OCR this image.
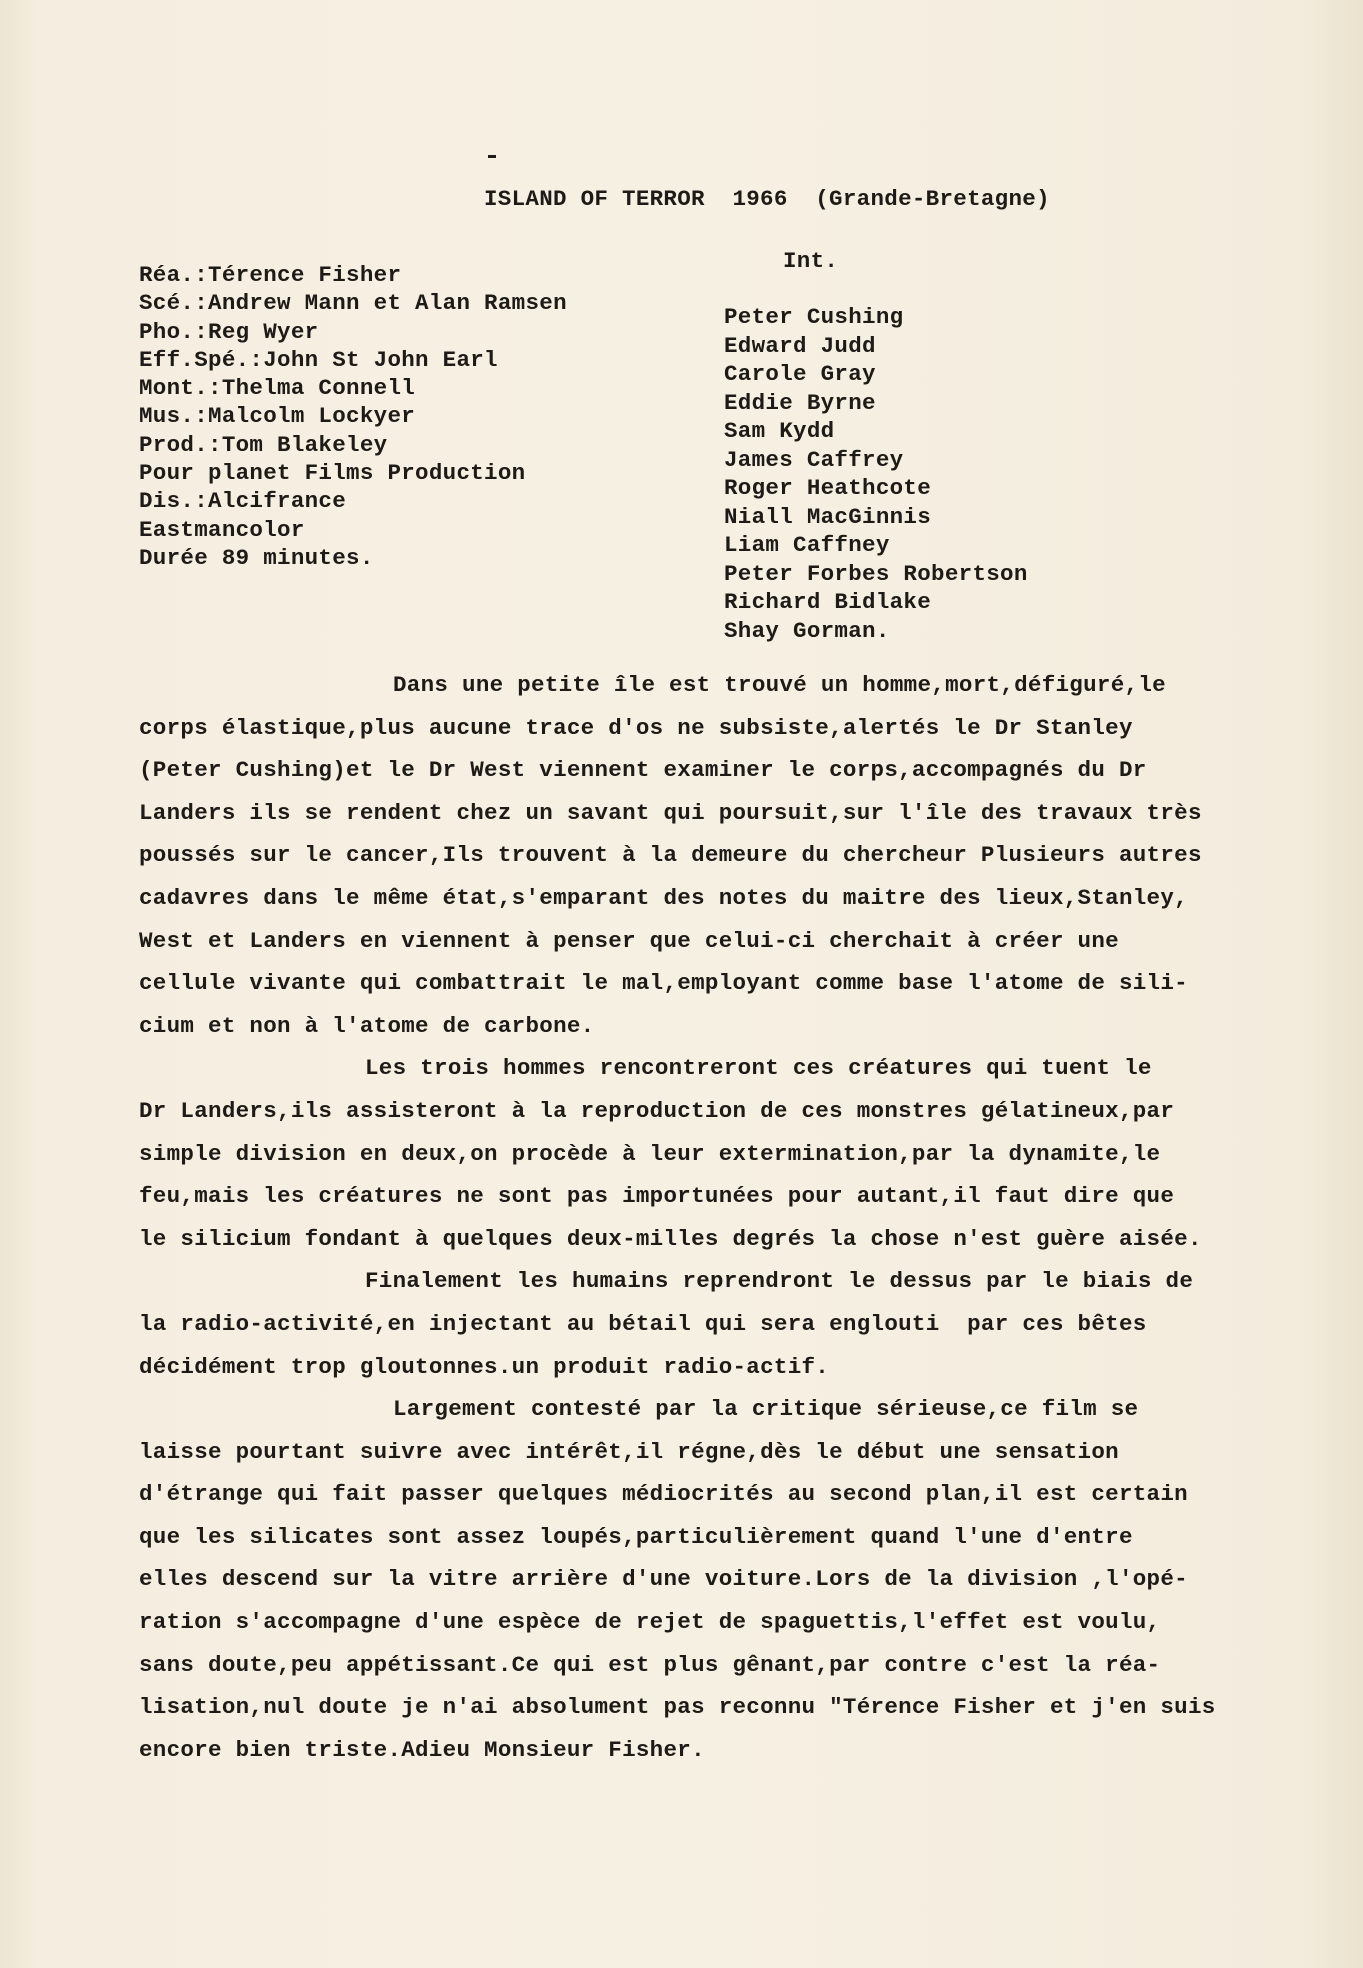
ISLAND OF TERROR  1966  (Grande-Bretagne)
Int.
Réa.:Térence Fisher
Scé.:Andrew Mann et Alan Ramsen
Pho.:Reg Wyer
Eff.Spé.:John St John Earl
Mont.:Thelma Connell
Mus.:Malcolm Lockyer
Prod.:Tom Blakeley
Pour planet Films Production
Dis.:Alcifrance
Eastmancolor
Durée 89 minutes.
Peter Cushing
Edward Judd
Carole Gray
Eddie Byrne
Sam Kydd
James Caffrey
Roger Heathcote
Niall MacGinnis
Liam Caffney
Peter Forbes Robertson
Richard Bidlake
Shay Gorman.
Dans une petite île est trouvé un homme,mort,défiguré,le
corps élastique,plus aucune trace d'os ne subsiste,alertés le Dr Stanley
(Peter Cushing)et le Dr West viennent examiner le corps,accompagnés du Dr
Landers ils se rendent chez un savant qui poursuit,sur l'île des travaux très
poussés sur le cancer,Ils trouvent à la demeure du chercheur Plusieurs autres
cadavres dans le même état,s'emparant des notes du maitre des lieux,Stanley,
West et Landers en viennent à penser que celui-ci cherchait à créer une
cellule vivante qui combattrait le mal,employant comme base l'atome de sili-
cium et non à l'atome de carbone.
Les trois hommes rencontreront ces créatures qui tuent le
Dr Landers,ils assisteront à la reproduction de ces monstres gélatineux,par
simple division en deux,on procède à leur extermination,par la dynamite,le
feu,mais les créatures ne sont pas importunées pour autant,il faut dire que
le silicium fondant à quelques deux-milles degrés la chose n'est guère aisée.
Finalement les humains reprendront le dessus par le biais de
la radio-activité,en injectant au bétail qui sera englouti  par ces bêtes
décidément trop gloutonnes.un produit radio-actif.
Largement contesté par la critique sérieuse,ce film se
laisse pourtant suivre avec intérêt,il régne,dès le début une sensation
d'étrange qui fait passer quelques médiocrités au second plan,il est certain
que les silicates sont assez loupés,particulièrement quand l'une d'entre
elles descend sur la vitre arrière d'une voiture.Lors de la division ,l'opé-
ration s'accompagne d'une espèce de rejet de spaguettis,l'effet est voulu,
sans doute,peu appétissant.Ce qui est plus gênant,par contre c'est la réa-
lisation,nul doute je n'ai absolument pas reconnu "Térence Fisher et j'en suis
encore bien triste.Adieu Monsieur Fisher.
